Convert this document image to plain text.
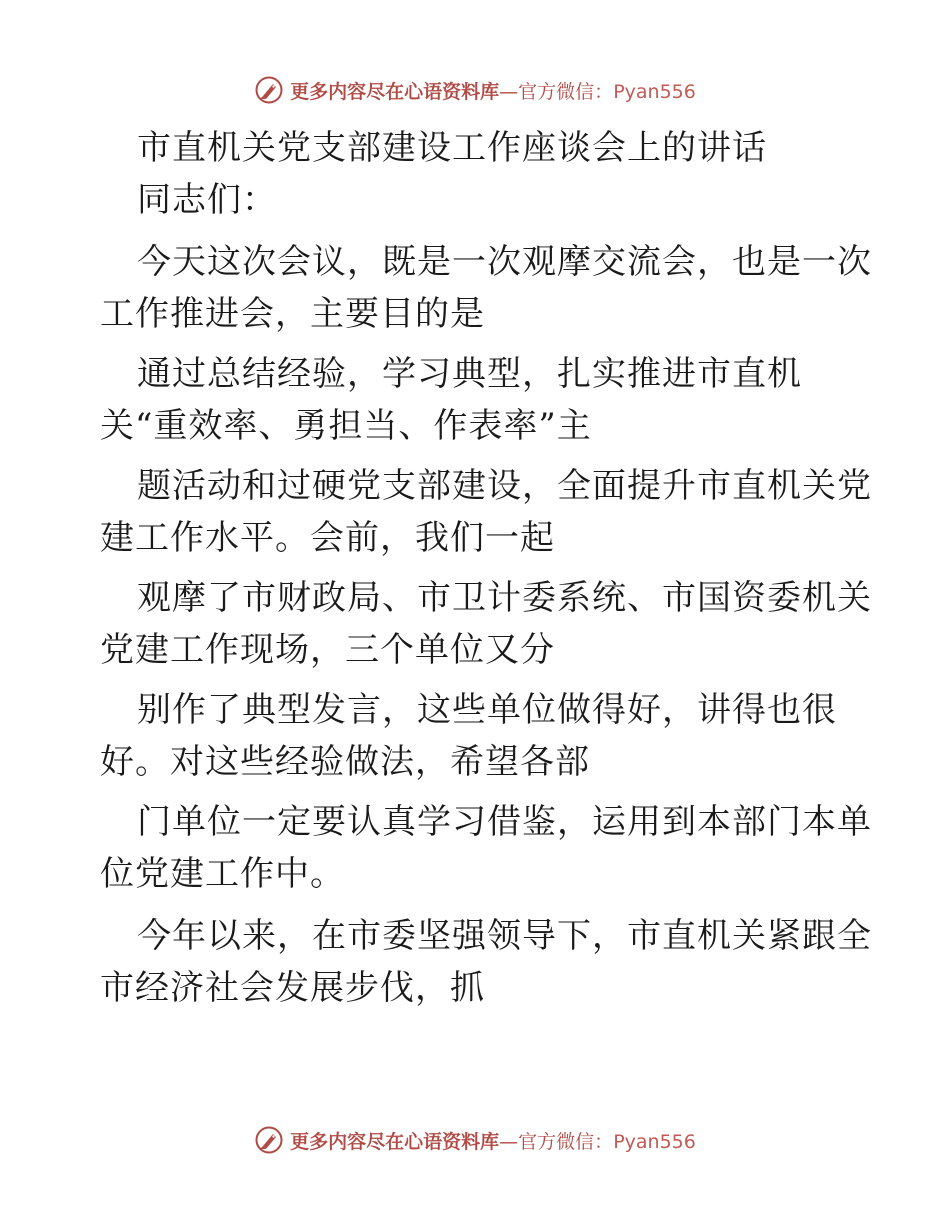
更多内容尽在心语资料库—官方微信：Pyan556
市直机关党支部建设工作座谈会上的讲话
同志们：
今天这次会议，既是一次观摩交流会，也是一次
工作推进会，主要目的是
通过总结经验，学习典型，扎实推进市直机
关“重效率、勇担当、作表率”主
题活动和过硬党支部建设，全面提升市直机关党
建工作水平。会前，我们一起
观摩了市财政局、市卫计委系统、市国资委机关
党建工作现场，三个单位又分
别作了典型发言，这些单位做得好，讲得也很
好。对这些经验做法，希望各部
门单位一定要认真学习借鉴，运用到本部门本单
位党建工作中。
今年以来，在市委坚强领导下，市直机关紧跟全
市经济社会发展步伐，抓
更多内容尽在心语资料库—官方微信：Pyan556
